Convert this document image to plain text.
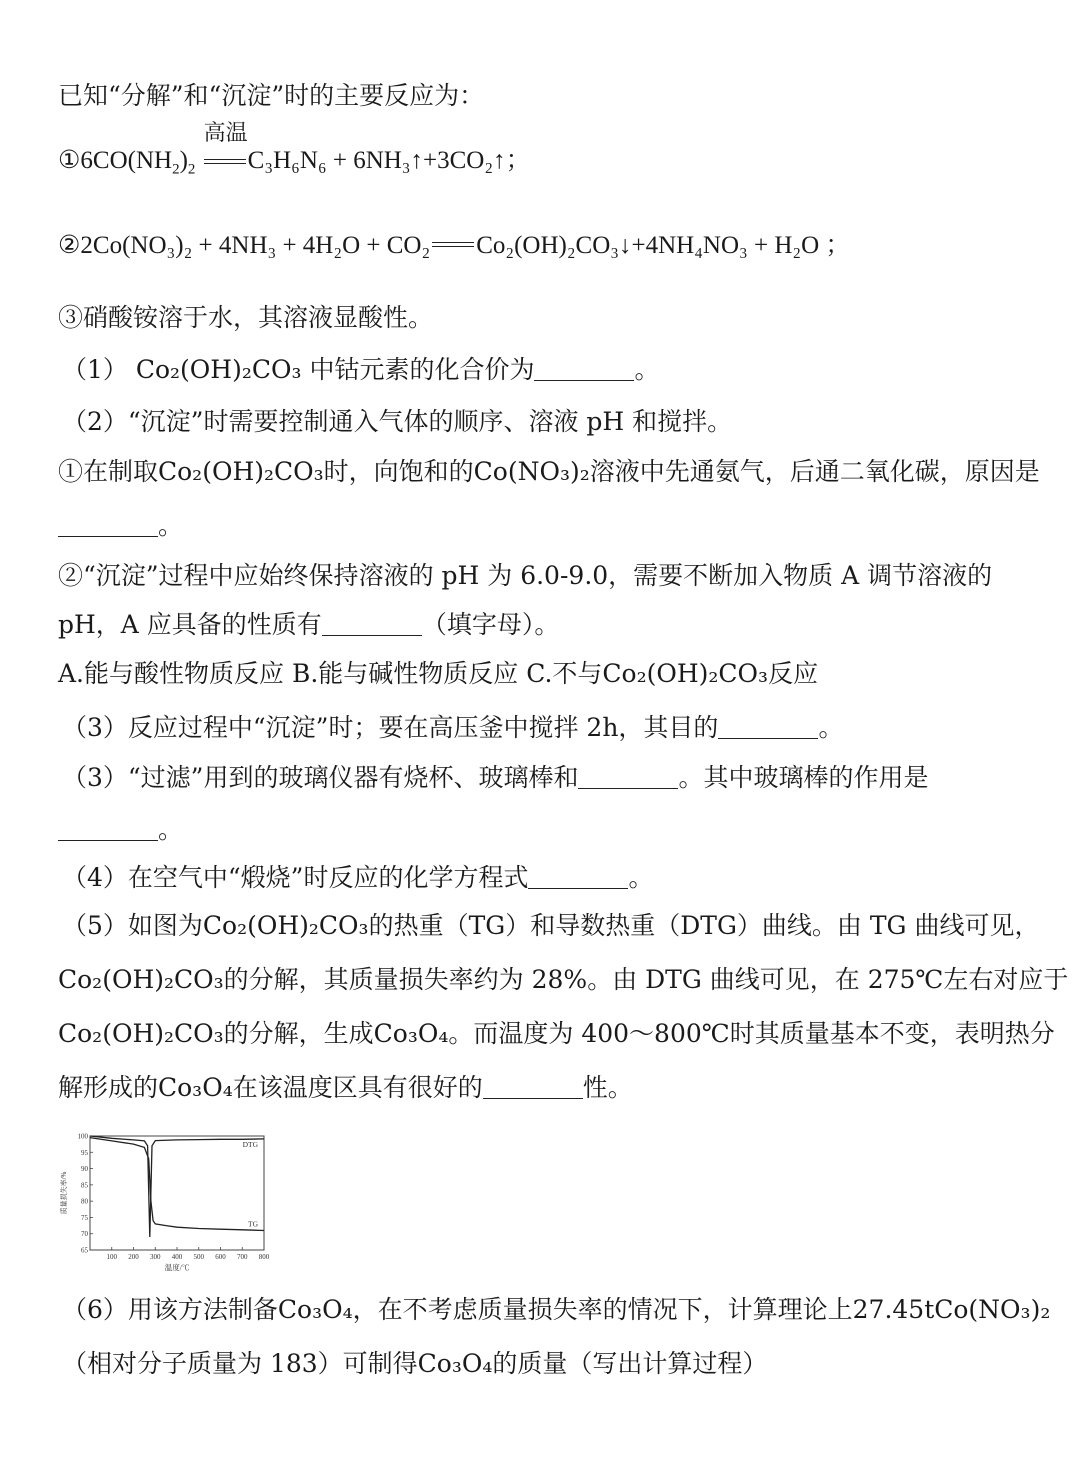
已知“分解”和“沉淀”时的主要反应为：
$①6CO(NH_2)_2$
高温
C₃H₆N₆ + 6NH₃↑+3CO₂↑；
②2Co(NO₃)₂ + 4NH₃ + 4H₂O + CO₂ Co₂(OH)₂CO₃↓+4NH₄NO₃ + H₂O ；
③硝酸铵溶于水，其溶液显酸性。
（1） Co₂(OH)₂CO₃ 中钴元素的化合价为	。
（2）“沉淀”时需要控制通入气体的顺序、溶液 pH 和搅拌。
①在制取Co₂(OH)₂CO₃时，向饱和的Co(NO₃)₂溶液中先通氨气，后通二氧化碳，原因是
。
②“沉淀”过程中应始终保持溶液的 pH 为 6.0-9.0，需要不断加入物质 A 调节溶液的
pH，A 应具备的性质有	（填字母）。
A.能与酸性物质反应 B.能与碱性物质反应 C.不与Co₂(OH)₂CO₃反应
（3）反应过程中“沉淀”时；要在高压釜中搅拌 2h，其目的	。
（3）“过滤”用到的玻璃仪器有烧杯、玻璃棒和	。其中玻璃棒的作用是
。
（4）在空气中“煅烧”时反应的化学方程式	。
（5）如图为Co₂(OH)₂CO₃的热重（TG）和导数热重（DTG）曲线。由 TG 曲线可见，
Co₂(OH)₂CO₃的分解，其质量损失率约为 28%。由 DTG 曲线可见，在 275℃左右对应于
Co₂(OH)₂CO₃的分解，生成Co₃O₄。而温度为 400～800℃时其质量基本不变，表明热分
解形成的Co₃O₄在该温度区具有很好的	性。
65
70
75
80
85
90
95
100
100 200 300 400 500 600 700 800
温度/℃
质量损失率/%
TG
DTG
（6）用该方法制备Co₃O₄，在不考虑质量损失率的情况下，计算理论上27.45tCo(NO₃)₂
（相对分子质量为 183）可制得Co₃O₄的质量（写出计算过程）
